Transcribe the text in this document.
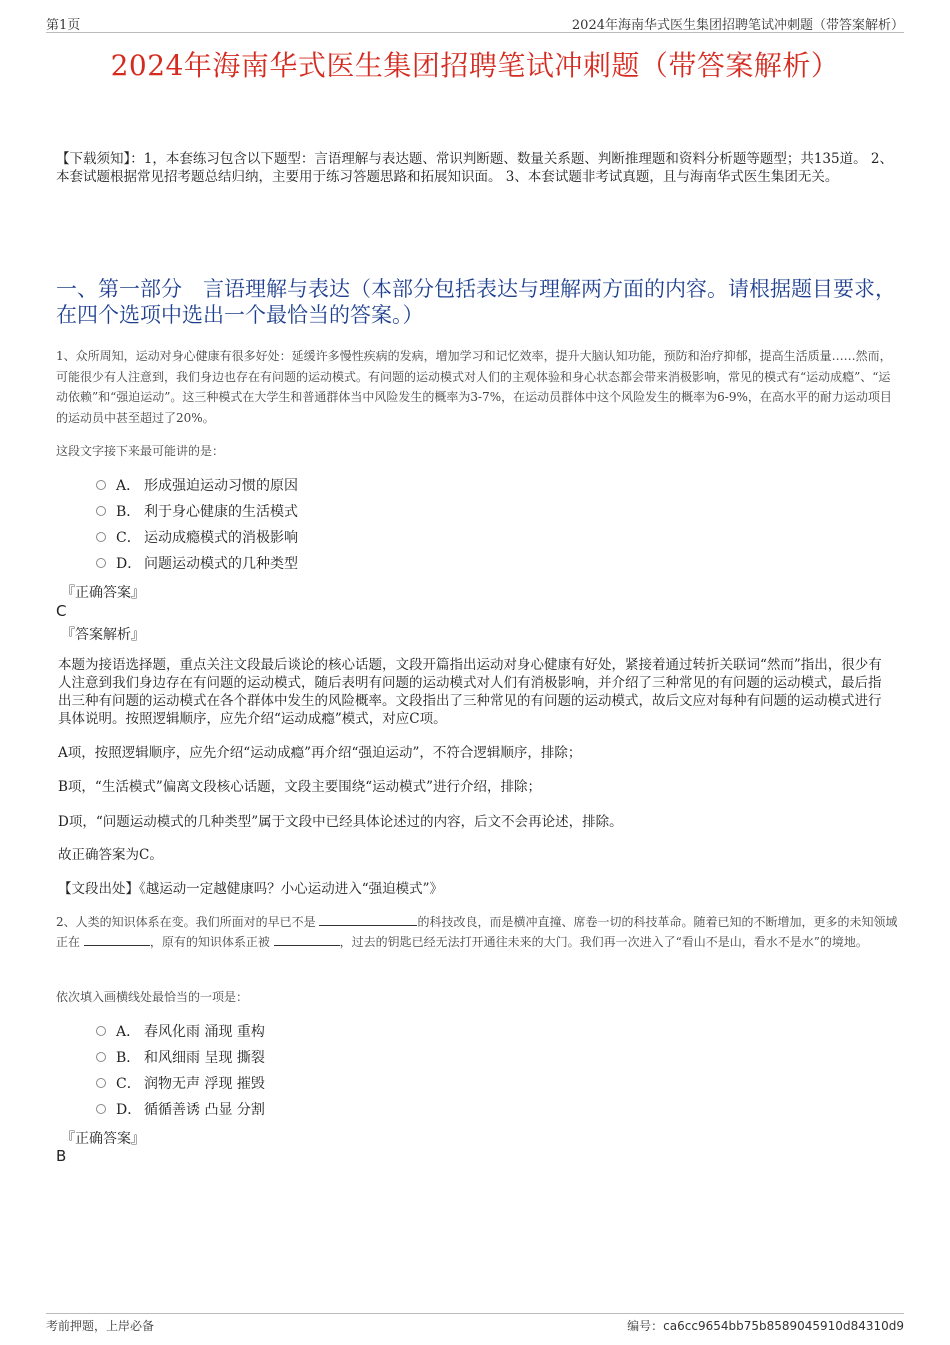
第1页	2024年海南华式医生集团招聘笔试冲刺题（带答案解析）
2024年海南华式医生集团招聘笔试冲刺题（带答案解析）
【下载须知】：1，本套练习包含以下题型：言语理解与表达题、常识判断题、数量关系题、判断推理题和资料分析题等题型；共135道。 2、本套试题根据常见招考题总结归纳，主要用于练习答题思路和拓展知识面。 3、本套试题非考试真题，且与海南华式医生集团无关。
一、第一部分　言语理解与表达（本部分包括表达与理解两方面的内容。请根据题目要求，在四个选项中选出一个最恰当的答案。）
1、众所周知，运动对身心健康有很多好处：延缓许多慢性疾病的发病，增加学习和记忆效率，提升大脑认知功能，预防和治疗抑郁，提高生活质量……然而，可能很少有人注意到，我们身边也存在有问题的运动模式。有问题的运动模式对人们的主观体验和身心状态都会带来消极影响，常见的模式有“运动成瘾”、“运动依赖”和“强迫运动”。这三种模式在大学生和普通群体当中风险发生的概率为3-7%，在运动员群体中这个风险发生的概率为6-9%，在高水平的耐力运动项目的运动员中甚至超过了20%。
这段文字接下来最可能讲的是：
A． 形成强迫运动习惯的原因
B． 利于身心健康的生活模式
C． 运动成瘾模式的消极影响
D． 问题运动模式的几种类型
『正确答案』
C
『答案解析』
本题为接语选择题，重点关注文段最后谈论的核心话题，文段开篇指出运动对身心健康有好处，紧接着通过转折关联词“然而”指出，很少有人注意到我们身边存在有问题的运动模式，随后表明有问题的运动模式对人们有消极影响，并介绍了三种常见的有问题的运动模式，最后指出三种有问题的运动模式在各个群体中发生的风险概率。文段指出了三种常见的有问题的运动模式，故后文应对每种有问题的运动模式进行具体说明。按照逻辑顺序，应先介绍“运动成瘾”模式，对应C项。
A项，按照逻辑顺序，应先介绍“运动成瘾”再介绍“强迫运动”，不符合逻辑顺序，排除；
B项，“生活模式”偏离文段核心话题，文段主要围绕“运动模式”进行介绍，排除；
D项，“问题运动模式的几种类型”属于文段中已经具体论述过的内容，后文不会再论述，排除。
故正确答案为C。
【文段出处】《越运动一定越健康吗？小心运动进入“强迫模式”》
2、人类的知识体系在变。我们所面对的早已不是	的科技改良，而是横冲直撞、席卷一切的科技革命。随着已知的不断增加，更多的未知领域正在	，原有的知识体系正被	，过去的钥匙已经无法打开通往未来的大门。我们再一次进入了“看山不是山，看水不是水”的境地。
依次填入画横线处最恰当的一项是：
A． 春风化雨 涌现 重构
B． 和风细雨 呈现 撕裂
C． 润物无声 浮现 摧毁
D． 循循善诱 凸显 分割
『正确答案』
B
考前押题，上岸必备	编号：ca6cc9654bb75b8589045910d84310d9
